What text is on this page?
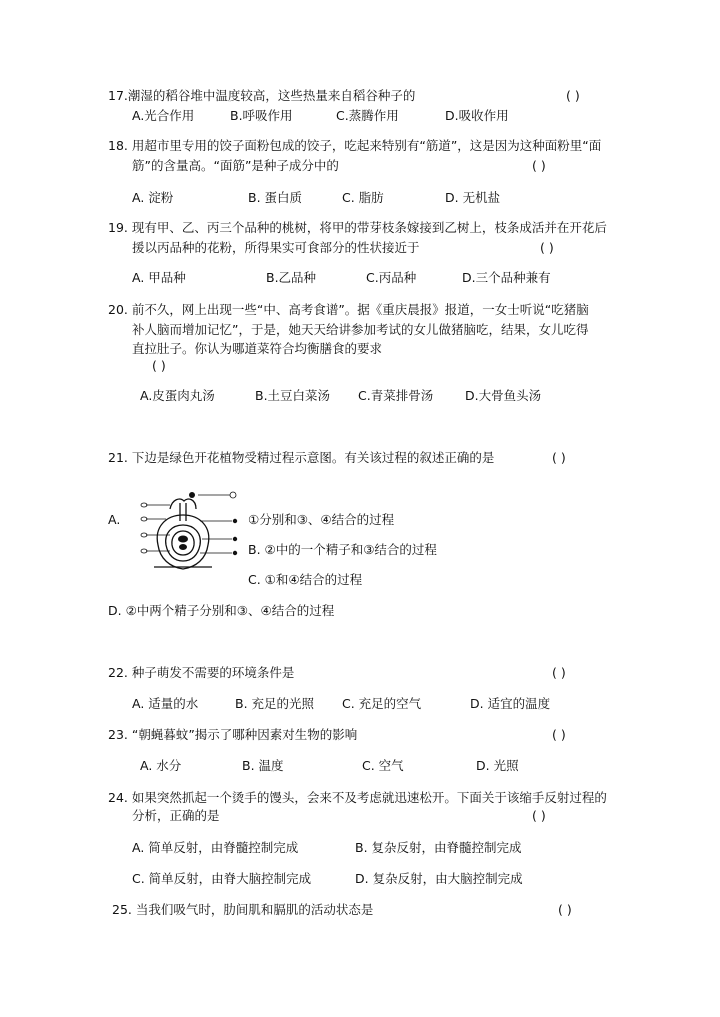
17.潮湿的稻谷堆中温度较高，这些热量来自稻谷种子的	( )
A.光合作用	B.呼吸作用	C.蒸腾作用	D.吸收作用
18. 用超市里专用的饺子面粉包成的饺子，吃起来特别有“筋道”，这是因为这种面粉里“面
筋”的含量高。“面筋”是种子成分中的	( )
A. 淀粉	B. 蛋白质	C. 脂肪	D. 无机盐
19. 现有甲、乙、丙三个品种的桃树，将甲的带芽枝条嫁接到乙树上，枝条成活并在开花后
援以丙品种的花粉，所得果实可食部分的性状接近于	( )
A. 甲品种	B.乙品种	C.丙品种	D.三个品种兼有
20. 前不久，网上出现一些“中、高考食谱”。据《重庆晨报》报道，一女士听说“吃猪脑
补人脑而增加记忆”，于是，她天天给讲参加考试的女儿做猪脑吃，结果，女儿吃得
直拉肚子。你认为哪道菜符合均衡膳食的要求
( )
A.皮蛋肉丸汤	B.土豆白菜汤 C.青菜排骨汤	D.大骨鱼头汤
21. 下边是绿色开花植物受精过程示意图。有关该过程的叙述正确的是	( )
A.	①分别和③、④结合的过程
B. ②中的一个精子和③结合的过程
C. ①和④结合的过程
D. ②中两个精子分别和③、④结合的过程
22. 种子萌发不需要的环境条件是	( )
A. 适量的水	B. 充足的光照 C. 充足的空气	D. 适宜的温度
23. “朝蝇暮蚊”揭示了哪种因素对生物的影响	( )
A. 水分	B. 温度	C. 空气	D. 光照
24. 如果突然抓起一个烫手的馒头，会来不及考虑就迅速松开。下面关于该缩手反射过程的
分析，正确的是	( )
A. 简单反射，由脊髓控制完成	B. 复杂反射，由脊髓控制完成
C. 简单反射，由脊大脑控制完成	D. 复杂反射，由大脑控制完成
25. 当我们吸气时，肋间肌和膈肌的活动状态是	( )
